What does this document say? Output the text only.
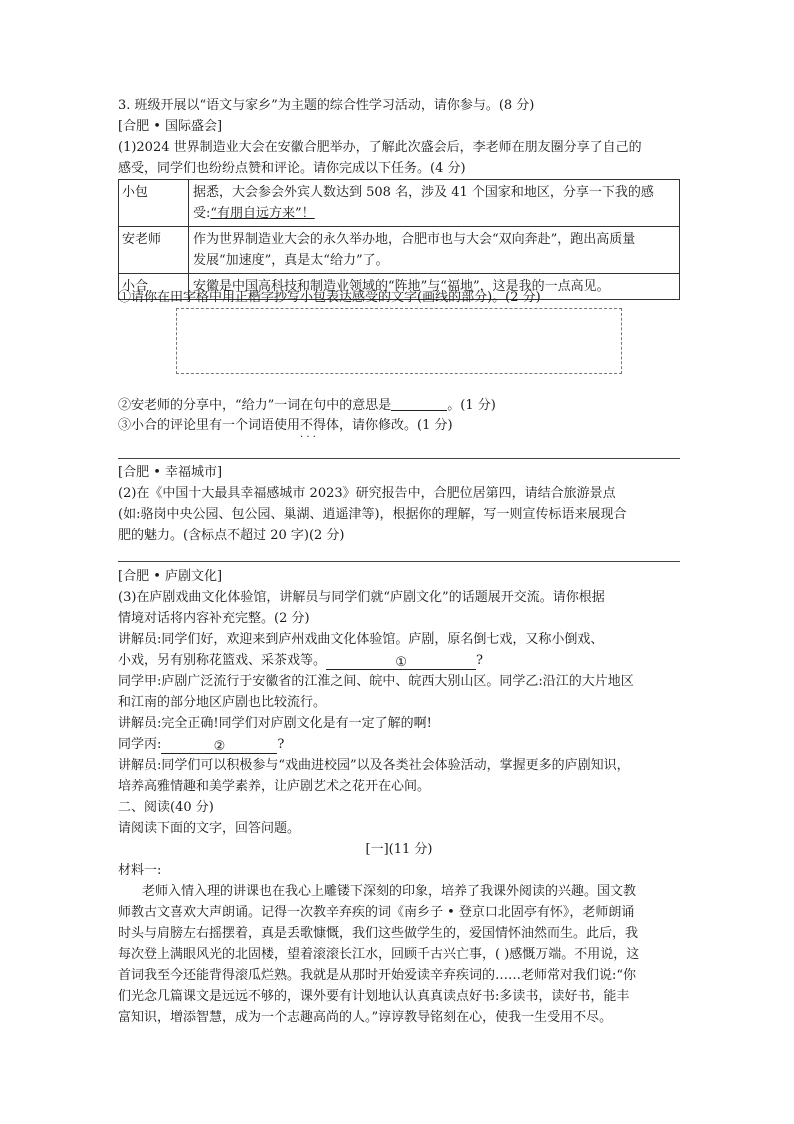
3. 班级开展以“语文与家乡”为主题的综合性学习活动，请你参与。(8 分)
[合肥 • 国际盛会]
(1)2024 世界制造业大会在安徽合肥举办，了解此次盛会后，李老师在朋友圈分享了自己的
感受，同学们也纷纷点赞和评论。请你完成以下任务。(4 分)
小包	据悉，大会参会外宾人数达到 508 名，涉及 41 个国家和地区，分享一下我的感
受:“有朋自远方来”！
安老师	作为世界制造业大会的永久举办地，合肥市也与大会“双向奔赴”，跑出高质量
发展“加速度”，真是太“给力”了。
小合	安徽是中国高科技和制造业领域的“阵地”与“福地”，这是我的一点高见。
①请你在田字格中用正楷字抄写小包表达感受的文字(画线的部分)。(2 分)
②安老师的分享中，“给力”一词在句中的意思是	。(1 分)
③小合的评论里有一个词语使用不得体 · · ·，请你修改。(1 分)
[合肥 • 幸福城市]
(2)在《中国十大最具幸福感城市 2023》研究报告中，合肥位居第四，请结合旅游景点
(如:骆岗中央公园、包公园、巢湖、逍遥津等)，根据你的理解，写一则宣传标语来展现合
肥的魅力。(含标点不超过 20 字)(2 分)
[合肥 • 庐剧文化]
(3)在庐剧戏曲文化体验馆，讲解员与同学们就“庐剧文化”的话题展开交流。请你根据
情境对话将内容补充完整。(2 分)
讲解员:同学们好，欢迎来到庐州戏曲文化体验馆。庐剧，原名倒七戏，又称小倒戏、
小戏，另有别称花篮戏、采茶戏等。	①	?
同学甲:庐剧广泛流行于安徽省的江淮之间、皖中、皖西大别山区。同学乙:沿江的大片地区
和江南的部分地区庐剧也比较流行。
讲解员:完全正确!同学们对庐剧文化是有一定了解的啊!
同学丙:	②	?
讲解员:同学们可以积极参与“戏曲进校园”以及各类社会体验活动，掌握更多的庐剧知识，
培养高雅情趣和美学素养，让庐剧艺术之花开在心间。
二、阅读(40 分)
请阅读下面的文字，回答问题。
[一](11 分)
材料一:
老师入情入理的讲课也在我心上雕镂下深刻的印象，培养了我课外阅读的兴趣。国文教
师教古文喜欢大声朗诵。记得一次教辛弃疾的词《南乡子 • 登京口北固亭有怀》，老师朗诵
时头与肩膀左右摇摆着，真是丢歌慷慨，我们这些做学生的，爱国情怀油然而生。此后，我
每次登上满眼风光的北固楼，望着滚滚长江水，回顾千古兴亡事，( )感慨万端。不用说，这
首词我至今还能背得滚瓜烂熟。我就是从那时开始爱读辛弃疾词的……老师常对我们说:“你
们光念几篇课文是远远不够的，课外要有计划地认认真真读点好书:多读书，读好书，能丰
富知识，增添智慧，成为一个志趣高尚的人。”谆谆教导铭刻在心，使我一生受用不尽。
